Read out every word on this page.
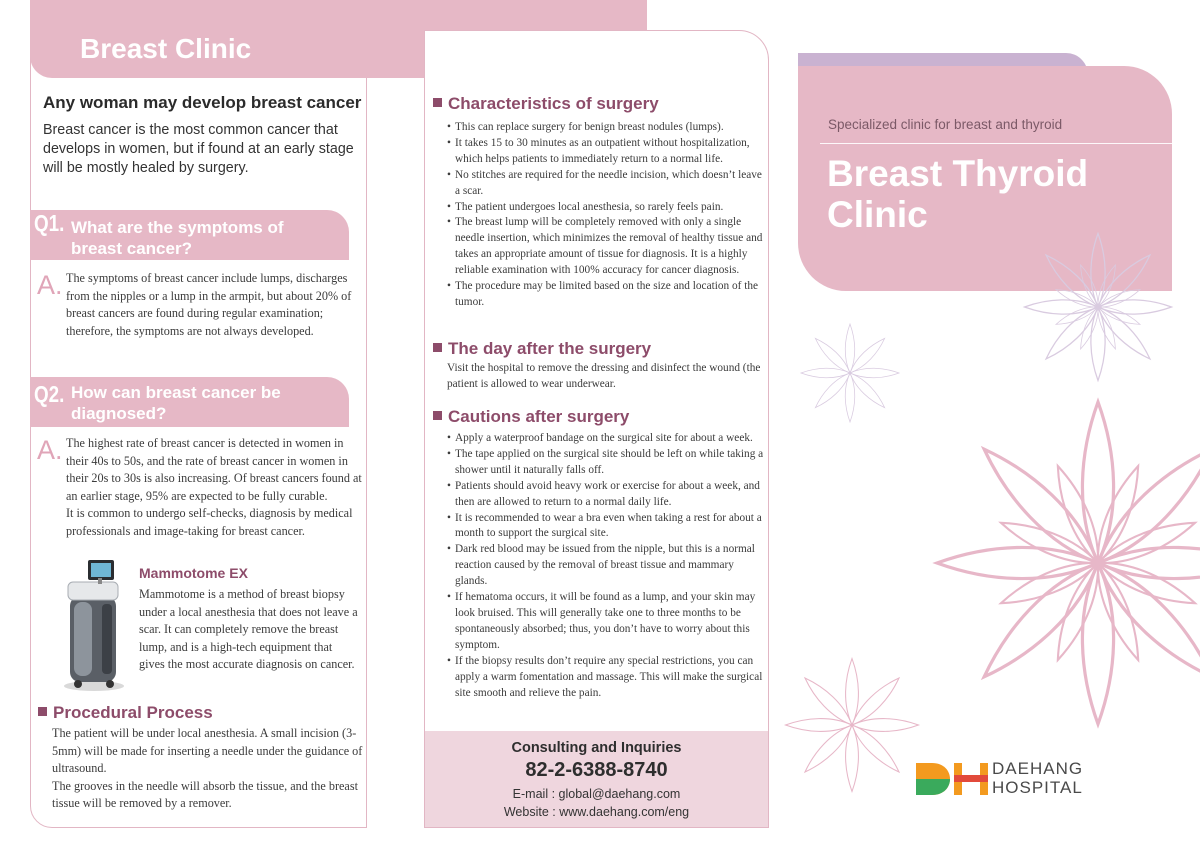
Breast Clinic
Any woman may develop breast cancer
Breast cancer is the most common cancer that develops in women, but if found at an early stage will be mostly healed by surgery.
Q1. What are the symptoms of breast cancer?
A. The symptoms of breast cancer include lumps, discharges from the nipples or a lump in the armpit, but about 20% of breast cancers are found during regular examination; therefore, the symptoms are not always developed.
Q2. How can breast cancer be diagnosed?
A. The highest rate of breast cancer is detected in women in their 40s to 50s, and the rate of breast cancer in women in their 20s to 30s is also increasing. Of breast cancers found at an earlier stage, 95% are expected to be fully curable.
It is common to undergo self-checks, diagnosis by medical professionals and image-taking for breast cancer.
Mammotome EX
Mammotome is a method of breast biopsy under a local anesthesia that does not leave a scar. It can completely remove the breast lump, and is a high-tech equipment that gives the most accurate diagnosis on cancer.
Procedural Process
The patient will be under local anesthesia. A small incision (3-5mm) will be made for inserting a needle under the guidance of ultrasound.
The grooves in the needle will absorb the tissue, and the breast tissue will be removed by a remover.
Characteristics of surgery
• This can replace surgery for benign breast nodules (lumps).
• It takes 15 to 30 minutes as an outpatient without hospitalization, which helps patients to immediately return to a normal life.
• No stitches are required for the needle incision, which doesn’t leave a scar.
• The patient undergoes local anesthesia, so rarely feels pain.
• The breast lump will be completely removed with only a single needle insertion, which minimizes the removal of healthy tissue and takes an appropriate amount of tissue for diagnosis. It is a highly reliable examination with 100% accuracy for cancer diagnosis.
• The procedure may be limited based on the size and location of the tumor.
The day after the surgery
Visit the hospital to remove the dressing and disinfect the wound (the patient is allowed to wear underwear.
Cautions after surgery
• Apply a waterproof bandage on the surgical site for about a week.
• The tape applied on the surgical site should be left on while taking a shower until it naturally falls off.
• Patients should avoid heavy work or exercise for about a week, and then are allowed to return to a normal daily life.
• It is recommended to wear a bra even when taking a rest for about a month to support the surgical site.
• Dark red blood may be issued from the nipple, but this is a normal reaction caused by the removal of breast tissue and mammary glands.
• If hematoma occurs, it will be found as a lump, and your skin may look bruised. This will generally take one to three months to be spontaneously absorbed; thus, you don’t have to worry about this symptom.
• If the biopsy results don’t require any special restrictions, you can apply a warm fomentation and massage. This will make the surgical site smooth and relieve the pain.
Consulting and Inquiries
82-2-6388-8740
E-mail : global@daehang.com
Website : www.daehang.com/eng
Specialized clinic for breast and thyroid
Breast Thyroid Clinic
DAEHANG
HOSPITAL
